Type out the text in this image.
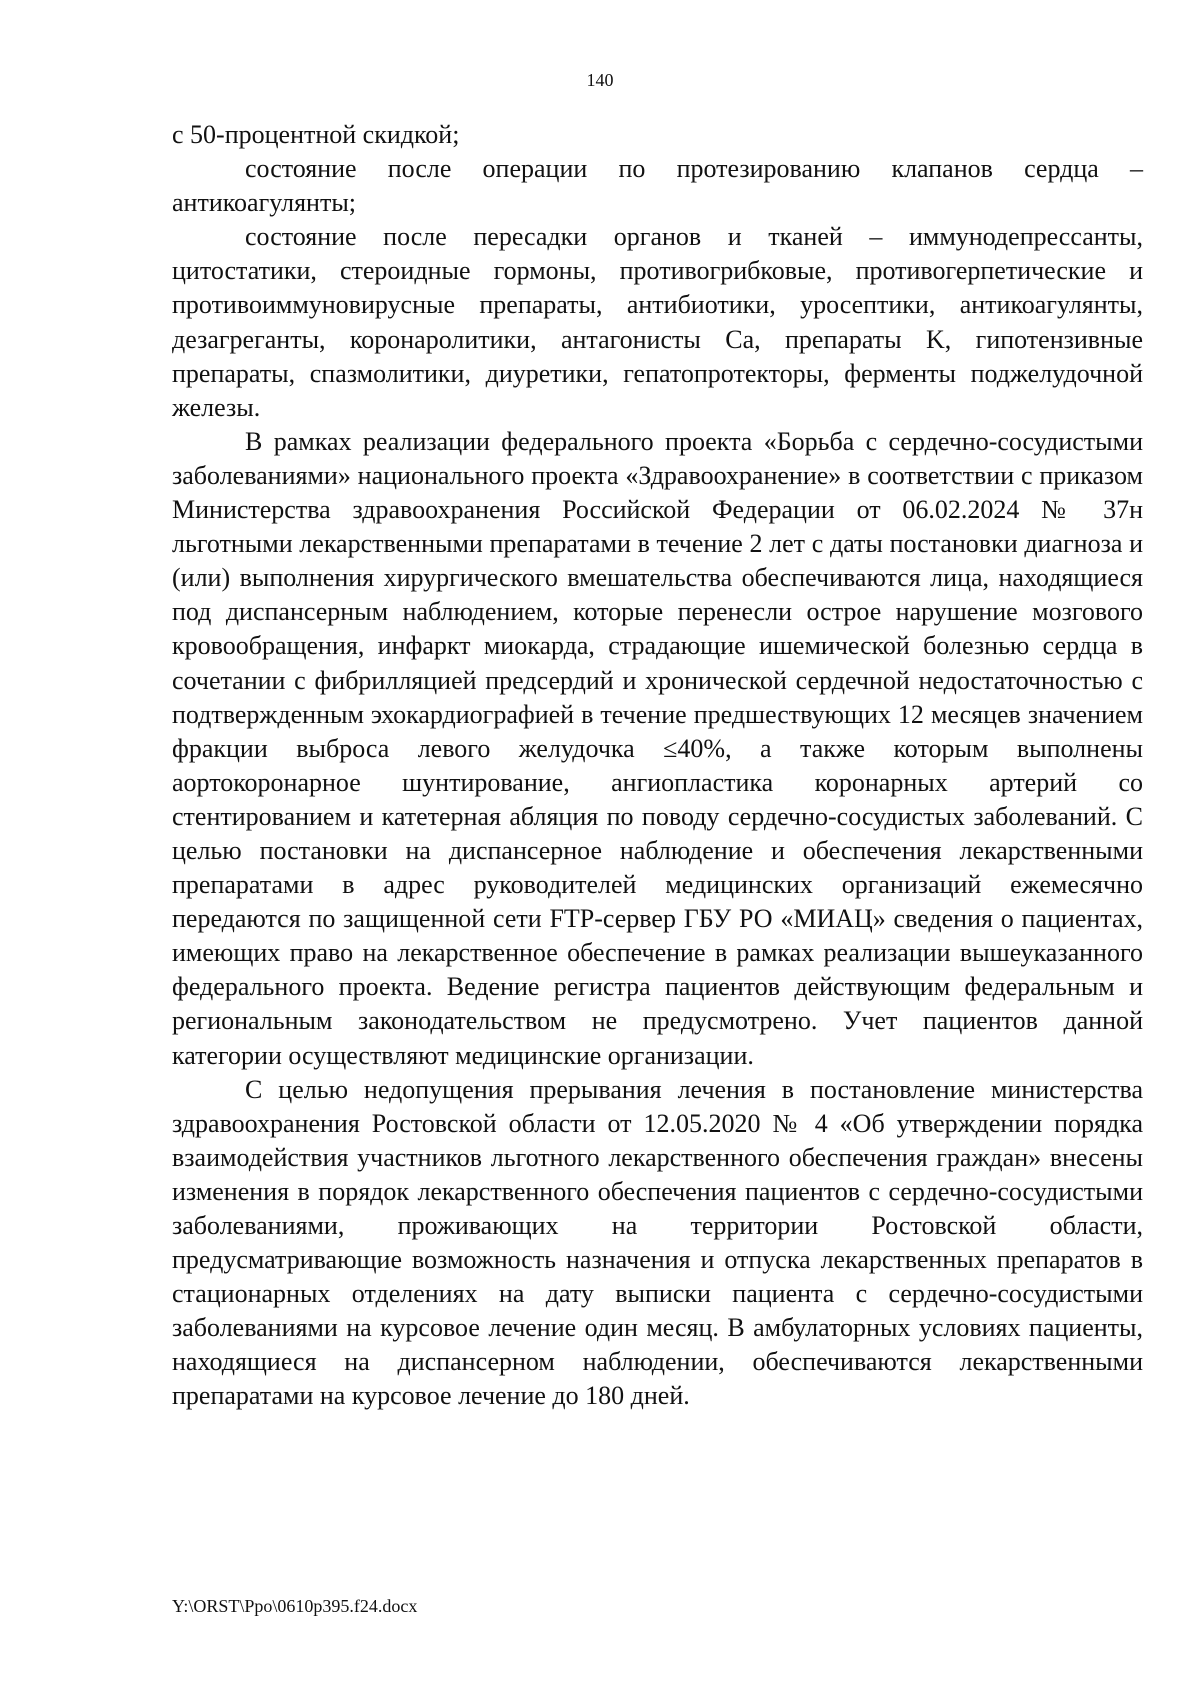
140

с 50-процентной скидкой;

состояние после операции по протезированию клапанов сердца – антикоагулянты;

состояние после пересадки органов и тканей – иммунодепрессанты, цитостатики, стероидные гормоны, противогрибковые, противогерпетические и противоиммуновирусные препараты, антибиотики, уросептики, антикоагулянты, дезагреганты, коронаролитики, антагонисты Са, препараты K, гипотензивные препараты, спазмолитики, диуретики, гепатопротекторы, ферменты поджелудочной железы.

В рамках реализации федерального проекта «Борьба с сердечно-сосудистыми заболеваниями» национального проекта «Здравоохранение» в соответствии с приказом Министерства здравоохранения Российской Федерации от 06.02.2024 № 37н льготными лекарственными препаратами в течение 2 лет с даты постановки диагноза и (или) выполнения хирургического вмешательства обеспечиваются лица, находящиеся под диспансерным наблюдением, которые перенесли острое нарушение мозгового кровообращения, инфаркт миокарда, страдающие ишемической болезнью сердца в сочетании с фибрилляцией предсердий и хронической сердечной недостаточностью с подтвержденным эхокардиографией в течение предшествующих 12 месяцев значением фракции выброса левого желудочка ≤40%, а также которым выполнены аортокоронарное шунтирование, ангиопластика коронарных артерий со стентированием и катетерная абляция по поводу сердечно-сосудистых заболеваний. С целью постановки на диспансерное наблюдение и обеспечения лекарственными препаратами в адрес руководителей медицинских организаций ежемесячно передаются по защищенной сети FTP-сервер ГБУ РО «МИАЦ» сведения о пациентах, имеющих право на лекарственное обеспечение в рамках реализации вышеуказанного федерального проекта. Ведение регистра пациентов действующим федеральным и региональным законодательством не предусмотрено. Учет пациентов данной категории осуществляют медицинские организации.

С целью недопущения прерывания лечения в постановление министерства здравоохранения Ростовской области от 12.05.2020 № 4 «Об утверждении порядка взаимодействия участников льготного лекарственного обеспечения граждан» внесены изменения в порядок лекарственного обеспечения пациентов с сердечно-сосудистыми заболеваниями, проживающих на территории Ростовской области, предусматривающие возможность назначения и отпуска лекарственных препаратов в стационарных отделениях на дату выписки пациента с сердечно-сосудистыми заболеваниями на курсовое лечение один месяц. В амбулаторных условиях пациенты, находящиеся на диспансерном наблюдении, обеспечиваются лекарственными препаратами на курсовое лечение до 180 дней.

Y:\ORST\Ppo\0610p395.f24.docx
